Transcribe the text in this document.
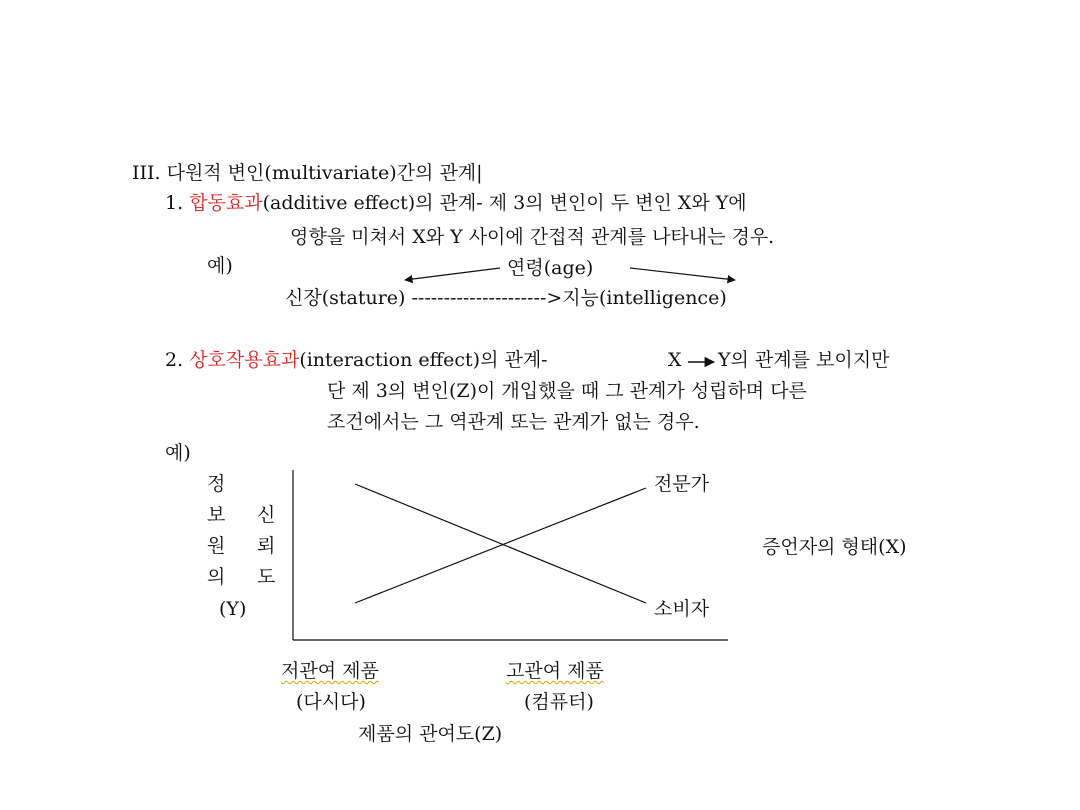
III. 다원적 변인(multivariate)간의 관계|
1. 합동효과(additive effect)의 관계- 제 3의 변인이 두 변인 X와 Y에
영향을 미쳐서 X와 Y 사이에 간접적 관계를 나타내는 경우.
예)	연령(age)
신장(stature) --------------------->지능(intelligence)
2. 상호작용효과(interaction effect)의 관계-	X Y의 관계를 보이지만
단 제 3의 변인(Z)이 개입했을 때 그 관계가 성립하며 다른
조건에서는 그 역관계 또는 관계가 없는 경우.
예)
정
보 신
원 뢰
의 도
(Y)
전문가
소비자
증언자의 형태(X)
저관여 제품
(다시다)
고관여 제품
(컴퓨터)
제품의 관여도(Z)
